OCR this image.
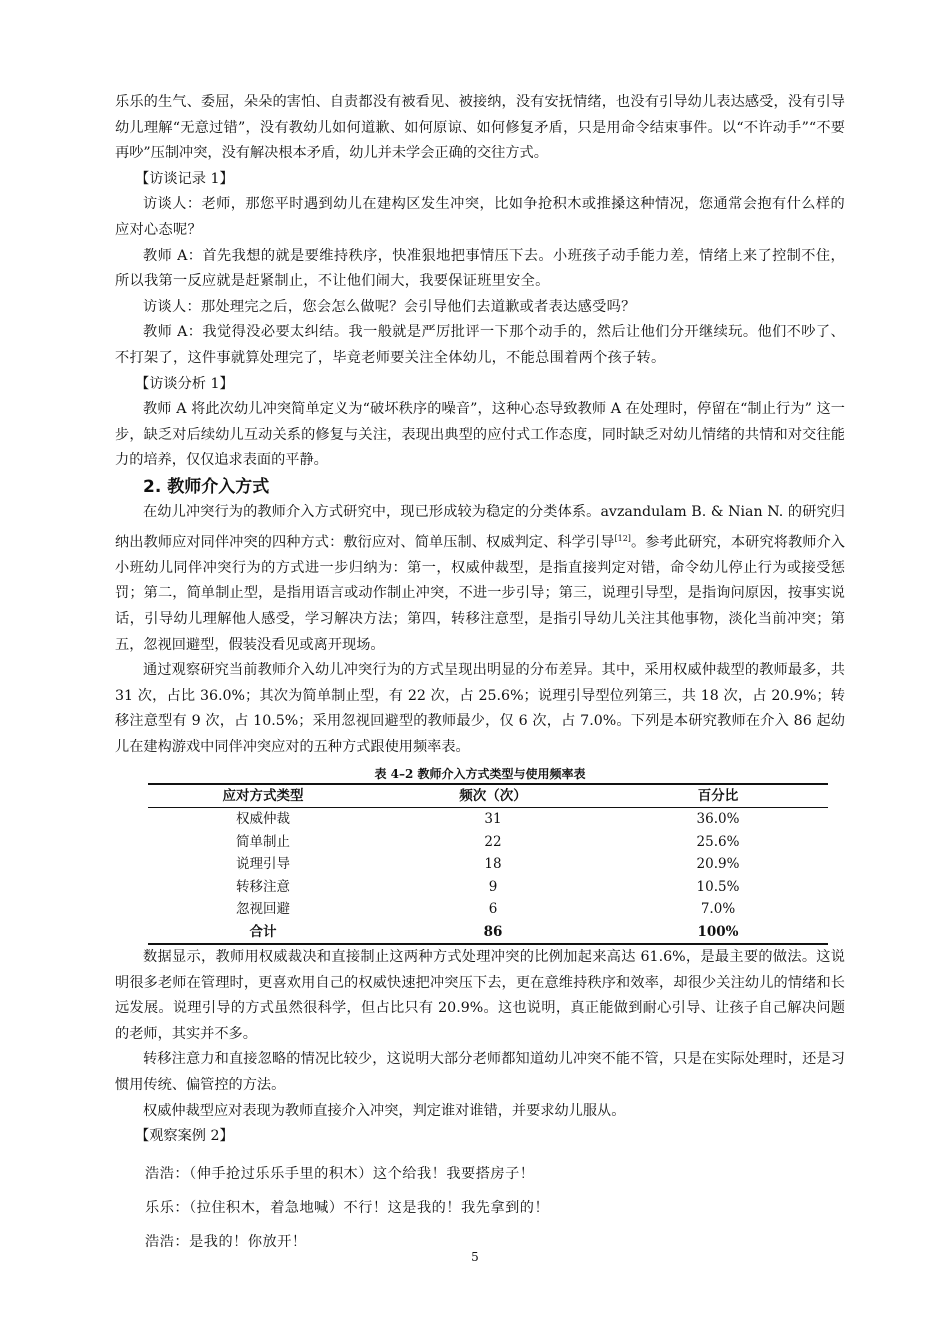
乐乐的生气、委屈，朵朵的害怕、自责都没有被看见、被接纳，没有安抚情绪，也没有引导幼儿表达感受，没有引导幼儿理解“无意过错”，没有教幼儿如何道歉、如何原谅、如何修复矛盾，只是用命令结束事件。以“不许动手”“不要再吵”压制冲突，没有解决根本矛盾，幼儿并未学会正确的交往方式。

【访谈记录 1】

访谈人：老师，那您平时遇到幼儿在建构区发生冲突，比如争抢积木或推搡这种情况，您通常会抱有什么样的应对心态呢？

教师 A：首先我想的就是要维持秩序，快准狠地把事情压下去。小班孩子动手能力差，情绪上来了控制不住，所以我第一反应就是赶紧制止，不让他们闹大，我要保证班里安全。

访谈人：那处理完之后，您会怎么做呢？会引导他们去道歉或者表达感受吗？

教师 A：我觉得没必要太纠结。我一般就是严厉批评一下那个动手的，然后让他们分开继续玩。他们不吵了、不打架了，这件事就算处理完了，毕竟老师要关注全体幼儿，不能总围着两个孩子转。

【访谈分析 1】

教师 A 将此次幼儿冲突简单定义为“破坏秩序的噪音”，这种心态导致教师 A 在处理时，停留在“制止行为” 这一步，缺乏对后续幼儿互动关系的修复与关注，表现出典型的应付式工作态度，同时缺乏对幼儿情绪的共情和对交往能力的培养，仅仅追求表面的平静。

2. 教师介入方式

在幼儿冲突行为的教师介入方式研究中，现已形成较为稳定的分类体系。avzandulam B. & Nian N. 的研究归纳出教师应对同伴冲突的四种方式：敷衍应对、简单压制、权威判定、科学引导[12]。参考此研究，本研究将教师介入小班幼儿同伴冲突行为的方式进一步归纳为：第一，权威仲裁型，是指直接判定对错，命令幼儿停止行为或接受惩罚；第二，简单制止型，是指用语言或动作制止冲突，不进一步引导；第三，说理引导型，是指询问原因，按事实说话，引导幼儿理解他人感受，学习解决方法；第四，转移注意型，是指引导幼儿关注其他事物，淡化当前冲突；第五，忽视回避型，假装没看见或离开现场。

通过观察研究当前教师介入幼儿冲突行为的方式呈现出明显的分布差异。其中，采用权威仲裁型的教师最多，共 31 次，占比 36.0%；其次为简单制止型，有 22 次，占 25.6%；说理引导型位列第三，共 18 次，占 20.9%；转移注意型有 9 次，占 10.5%；采用忽视回避型的教师最少，仅 6 次，占 7.0%。下列是本研究教师在介入 86 起幼儿在建构游戏中同伴冲突应对的五种方式跟使用频率表。

表 4–2 教师介入方式类型与使用频率表

应对方式类型	频次（次）	百分比
权威仲裁	31	36.0%
简单制止	22	25.6%
说理引导	18	20.9%
转移注意	9	10.5%
忽视回避	6	7.0%
合计	86	100%

数据显示，教师用权威裁决和直接制止这两种方式处理冲突的比例加起来高达 61.6%，是最主要的做法。这说明很多老师在管理时，更喜欢用自己的权威快速把冲突压下去，更在意维持秩序和效率，却很少关注幼儿的情绪和长远发展。说理引导的方式虽然很科学，但占比只有 20.9%。这也说明，真正能做到耐心引导、让孩子自己解决问题的老师，其实并不多。

转移注意力和直接忽略的情况比较少，这说明大部分老师都知道幼儿冲突不能不管，只是在实际处理时，还是习惯用传统、偏管控的方法。

权威仲裁型应对表现为教师直接介入冲突，判定谁对谁错，并要求幼儿服从。

【观察案例 2】

浩浩：（伸手抢过乐乐手里的积木）这个给我！我要搭房子！

乐乐：（拉住积木，着急地喊）不行！这是我的！我先拿到的！

浩浩：是我的！你放开！

5
